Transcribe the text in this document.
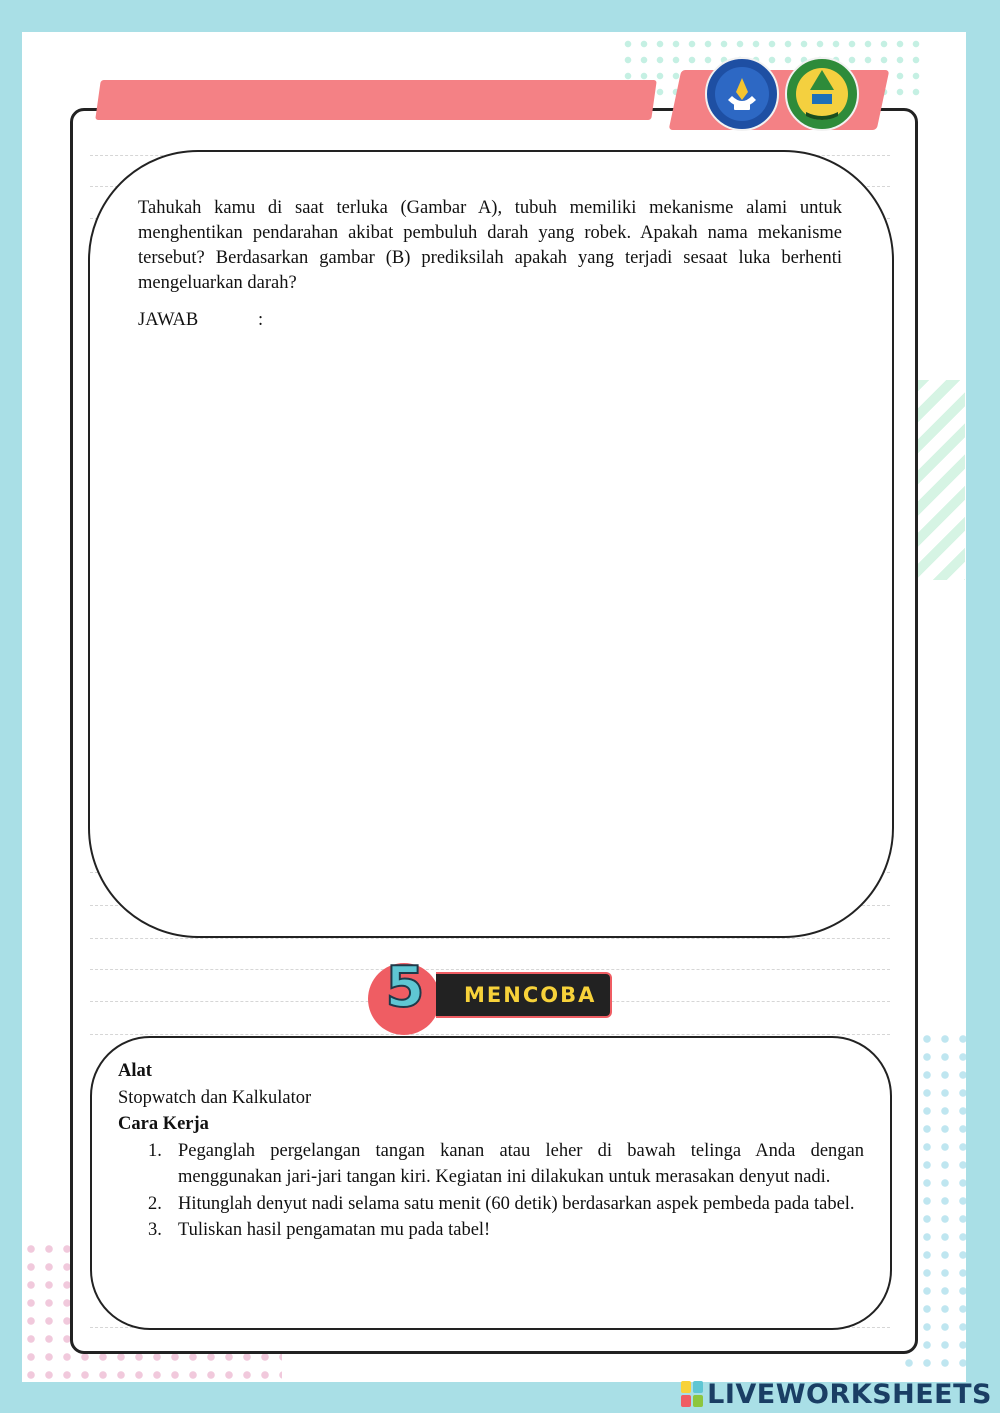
Tahukah kamu di saat terluka (Gambar A), tubuh memiliki mekanisme alami untuk menghentikan pendarahan akibat pembuluh darah yang robek. Apakah nama mekanisme tersebut? Berdasarkan gambar (B) prediksilah apakah yang terjadi sesaat luka berhenti mengeluarkan darah?
JAWAB	:
5 MENCOBA
Alat
Stopwatch dan Kalkulator
Cara Kerja
1. Peganglah pergelangan tangan kanan atau leher di bawah telinga Anda dengan menggunakan jari-jari tangan kiri. Kegiatan ini dilakukan untuk merasakan denyut nadi.
2. Hitunglah denyut nadi selama satu menit (60 detik) berdasarkan aspek pembeda pada tabel.
3. Tuliskan hasil pengamatan mu pada tabel!
LIVEWORKSHEETS
